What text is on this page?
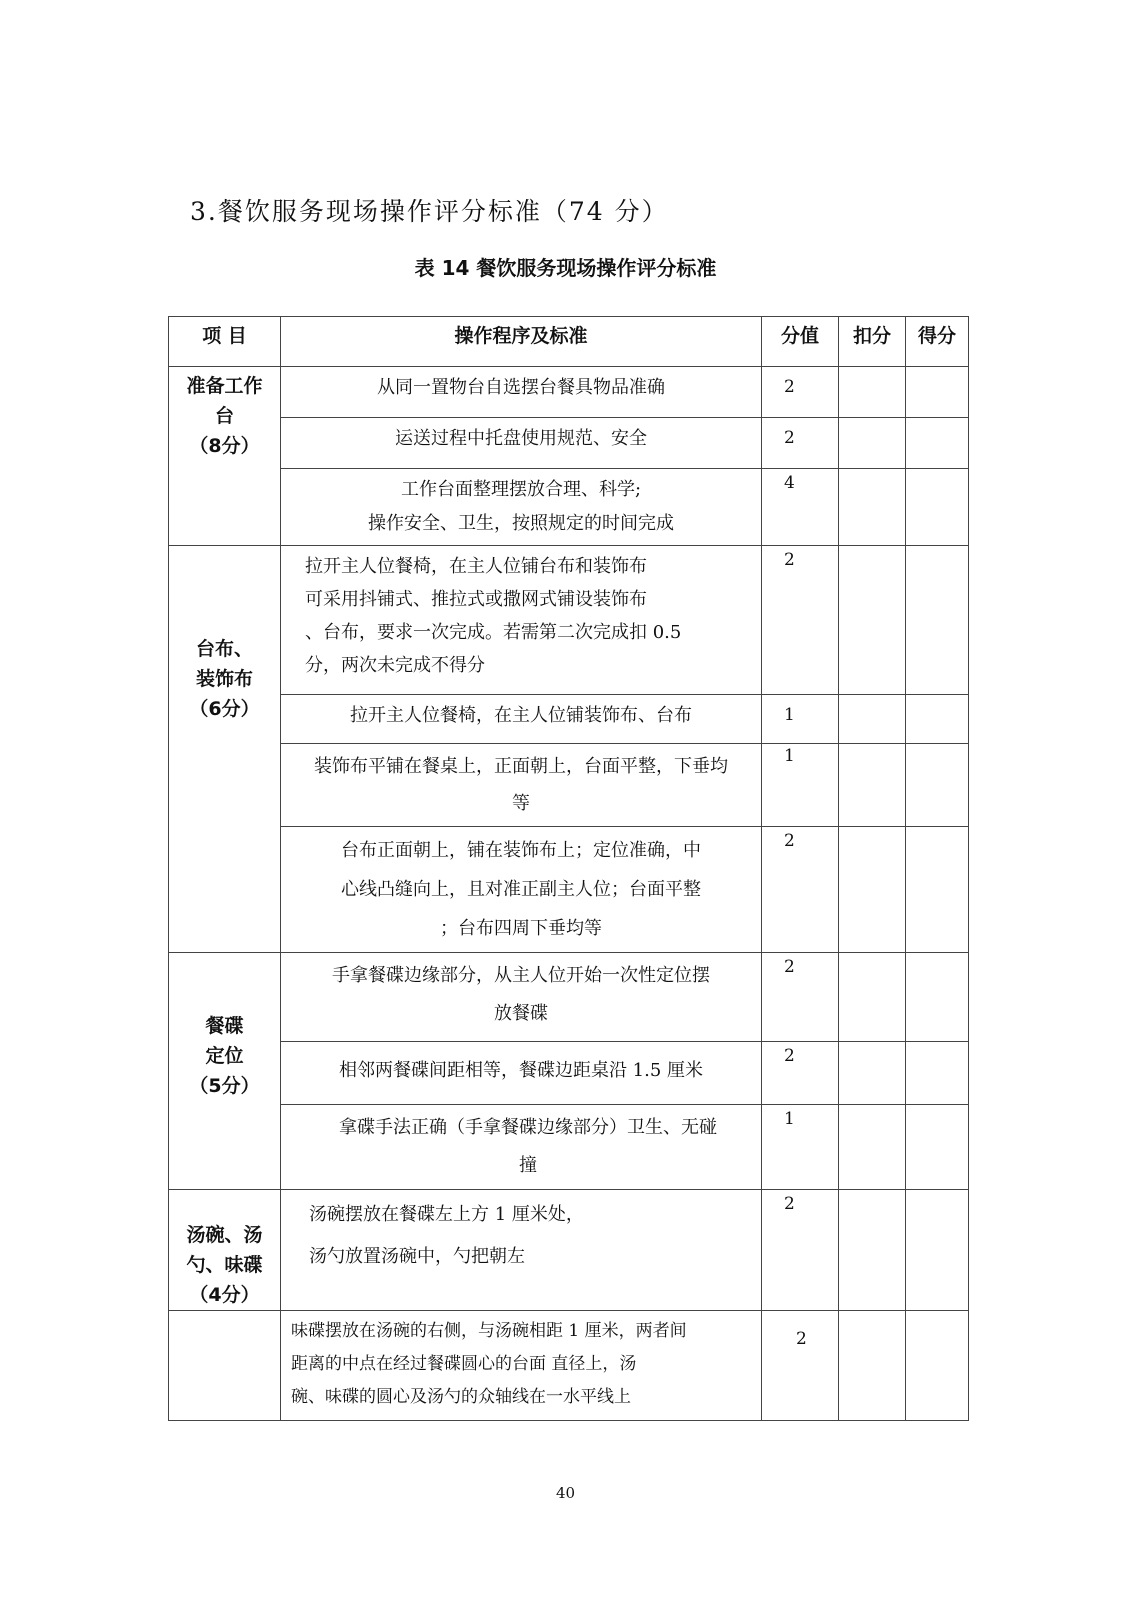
3.餐饮服务现场操作评分标准（74 分）
表 14 餐饮服务现场操作评分标准
项 目	操作程序及标准	分值	扣分	得分

准备工作
台
（8分）	从同一置物台自选摆台餐具物品准确	2		
	运送过程中托盘使用规范、安全	2		
	工作台面整理摆放合理、科学;
操作安全、卫生，按照规定的时间完成	4		

台布、
装饰布
（6分）	拉开主人位餐椅，在主人位铺台布和装饰布
可采用抖铺式、推拉式或撒网式铺设装饰布
、台布，要求一次完成。若需第二次完成扣 0.5
分，两次未完成不得分	2		
	拉开主人位餐椅，在主人位铺装饰布、台布	1		
	装饰布平铺在餐桌上，正面朝上，台面平整，下垂均
等	1		
	台布正面朝上，铺在装饰布上；定位准确，中
心线凸缝向上，且对准正副主人位；台面平整
；台布四周下垂均等	2		

餐碟
定位
（5分）	手拿餐碟边缘部分，从主人位开始一次性定位摆
放餐碟	2		
	相邻两餐碟间距相等，餐碟边距桌沿 1.5 厘米	2		
	拿碟手法正确（手拿餐碟边缘部分）卫生、无碰
撞	1		

汤碗、汤
勺、味碟
（4分）	汤碗摆放在餐碟左上方 1 厘米处，
汤勺放置汤碗中，勺把朝左	2		
	味碟摆放在汤碗的右侧，与汤碗相距 1 厘米，两者间
距离的中点在经过餐碟圆心的台面 直径上，汤
碗、味碟的圆心及汤勺的众轴线在一水平线上	2		
40
